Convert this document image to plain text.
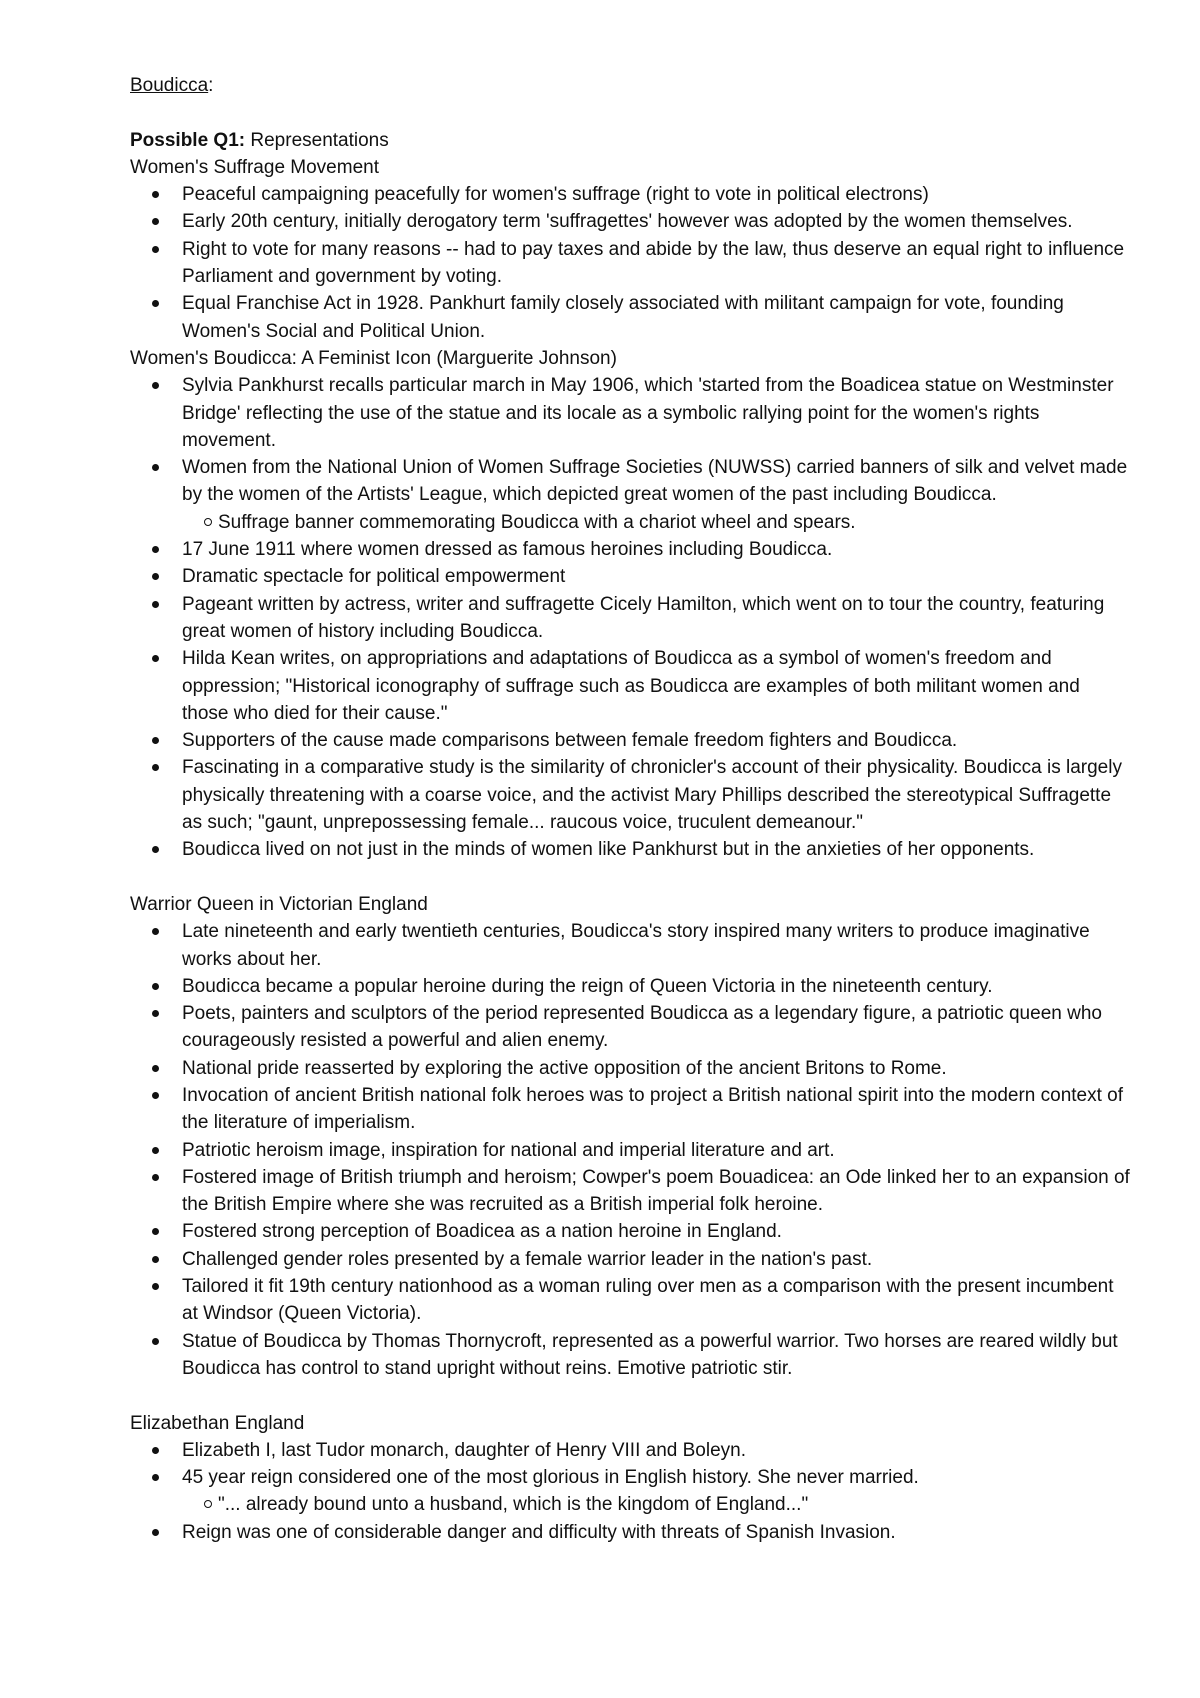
Boudicca:

Possible Q1: Representations

Women's Suffrage Movement

Peaceful campaigning peacefully for women's suffrage (right to vote in political electrons)
Early 20th century, initially derogatory term 'suffragettes' however was adopted by the women themselves.
Right to vote for many reasons -- had to pay taxes and abide by the law, thus deserve an equal right to influence Parliament and government by voting.
Equal Franchise Act in 1928. Pankhurt family closely associated with militant campaign for vote, founding Women's Social and Political Union.

Women's Boudicca: A Feminist Icon (Marguerite Johnson)

Sylvia Pankhurst recalls particular march in May 1906, which 'started from the Boadicea statue on Westminster Bridge' reflecting the use of the statue and its locale as a symbolic rallying point for the women's rights movement.
Women from the National Union of Women Suffrage Societies (NUWSS) carried banners of silk and velvet made by the women of the Artists' League, which depicted great women of the past including Boudicca.
Suffrage banner commemorating Boudicca with a chariot wheel and spears.
17 June 1911 where women dressed as famous heroines including Boudicca.
Dramatic spectacle for political empowerment
Pageant written by actress, writer and suffragette Cicely Hamilton, which went on to tour the country, featuring great women of history including Boudicca.
Hilda Kean writes, on appropriations and adaptations of Boudicca as a symbol of women's freedom and oppression; "Historical iconography of suffrage such as Boudicca are examples of both militant women and those who died for their cause."
Supporters of the cause made comparisons between female freedom fighters and Boudicca.
Fascinating in a comparative study is the similarity of chronicler's account of their physicality. Boudicca is largely physically threatening with a coarse voice, and the activist Mary Phillips described the stereotypical Suffragette as such; "gaunt, unprepossessing female... raucous voice, truculent demeanour."
Boudicca lived on not just in the minds of women like Pankhurst but in the anxieties of her opponents.

Warrior Queen in Victorian England

Late nineteenth and early twentieth centuries, Boudicca's story inspired many writers to produce imaginative works about her.
Boudicca became a popular heroine during the reign of Queen Victoria in the nineteenth century.
Poets, painters and sculptors of the period represented Boudicca as a legendary figure, a patriotic queen who courageously resisted a powerful and alien enemy.
National pride reasserted by exploring the active opposition of the ancient Britons to Rome.
Invocation of ancient British national folk heroes was to project a British national spirit into the modern context of the literature of imperialism.
Patriotic heroism image, inspiration for national and imperial literature and art.
Fostered image of British triumph and heroism; Cowper's poem Bouadicea: an Ode linked her to an expansion of the British Empire where she was recruited as a British imperial folk heroine.
Fostered strong perception of Boadicea as a nation heroine in England.
Challenged gender roles presented by a female warrior leader in the nation's past.
Tailored it fit 19th century nationhood as a woman ruling over men as a comparison with the present incumbent at Windsor (Queen Victoria).
Statue of Boudicca by Thomas Thornycroft, represented as a powerful warrior. Two horses are reared wildly but Boudicca has control to stand upright without reins. Emotive patriotic stir.

Elizabethan England

Elizabeth I, last Tudor monarch, daughter of Henry VIII and Boleyn.
45 year reign considered one of the most glorious in English history. She never married.
"... already bound unto a husband, which is the kingdom of England..."
Reign was one of considerable danger and difficulty with threats of Spanish Invasion.
